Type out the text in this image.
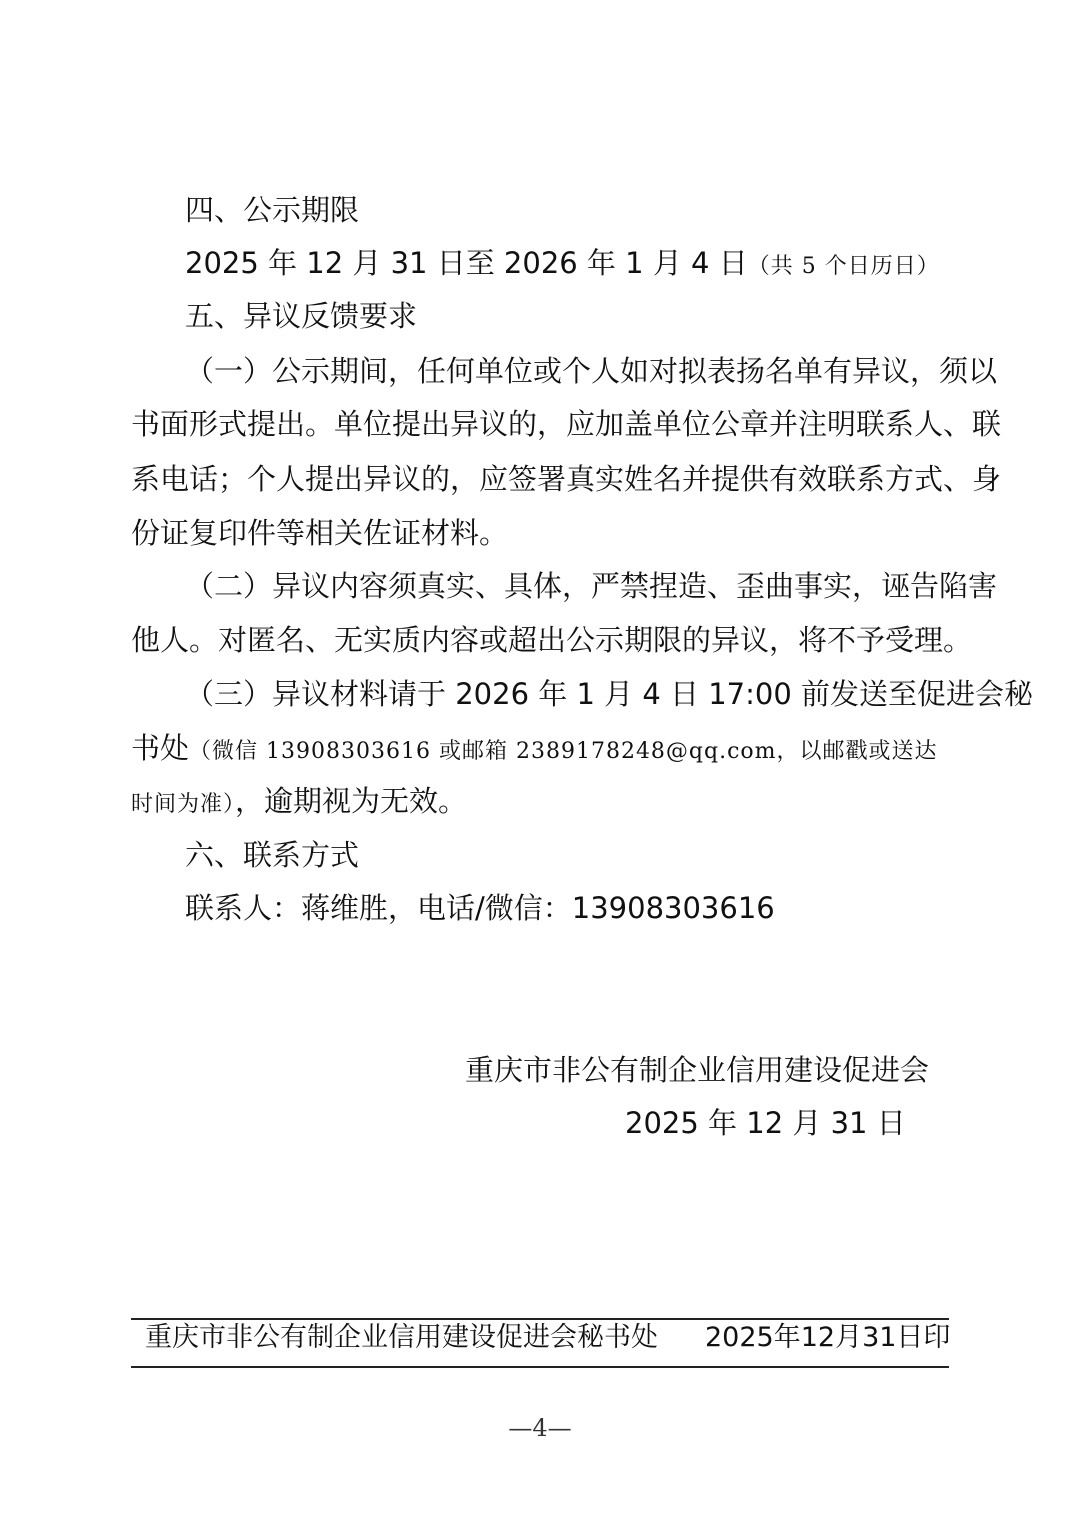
四、公示期限

2025 年 12 月 31 日至 2026 年 1 月 4 日（共 5 个日历日）

五、异议反馈要求

（一）公示期间，任何单位或个人如对拟表扬名单有异议，须以

书面形式提出。单位提出异议的，应加盖单位公章并注明联系人、联

系电话；个人提出异议的，应签署真实姓名并提供有效联系方式、身

份证复印件等相关佐证材料。

（二）异议内容须真实、具体，严禁捏造、歪曲事实，诬告陷害

他人。对匿名、无实质内容或超出公示期限的异议，将不予受理。

（三）异议材料请于 2026 年 1 月 4 日 17:00 前发送至促进会秘

书处（微信 13908303616 或邮箱 2389178248@qq.com，以邮戳或送达

时间为准），逾期视为无效。

六、联系方式

联系人：蒋维胜，电话/微信：13908303616

重庆市非公有制企业信用建设促进会

2025 年 12 月 31 日

重庆市非公有制企业信用建设促进会秘书处 2025年12月31日印

—4—
